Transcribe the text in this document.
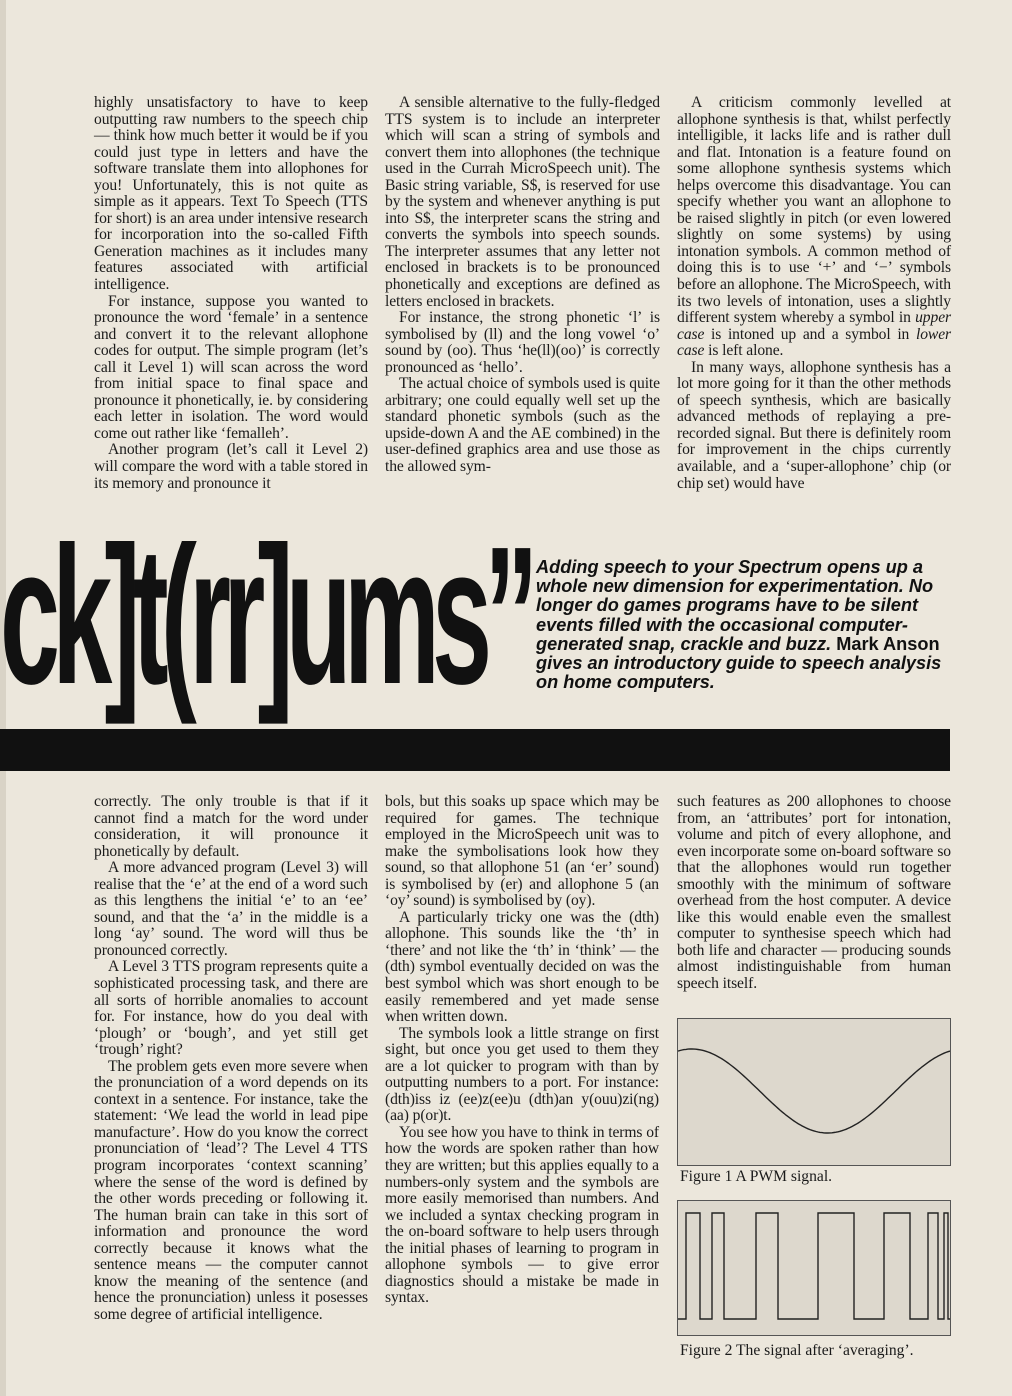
highly unsatisfactory to have to keep outputting raw numbers to the speech chip — think how much better it would be if you could just type in letters and have the software translate them into allophones for you! Unfortunately, this is not quite as simple as it appears. Text To Speech (TTS for short) is an area under intensive research for incorporation into the so-called Fifth Generation machines as it includes many features associated with artificial intelligence.

For instance, suppose you wanted to pronounce the word ‘female’ in a sentence and convert it to the relevant allophone codes for output. The simple program (let’s call it Level 1) will scan across the word from initial space to final space and pronounce it phonetically, ie. by considering each letter in isolation. The word would come out rather like ‘femalleh’.

Another program (let’s call it Level 2) will compare the word with a table stored in its memory and pronounce it

A sensible alternative to the fully-fledged TTS system is to include an interpreter which will scan a string of symbols and convert them into allophones (the technique used in the Currah MicroSpeech unit). The Basic string variable, S$, is reserved for use by the system and whenever anything is put into S$, the interpreter scans the string and converts the symbols into speech sounds. The interpreter assumes that any letter not enclosed in brackets is to be pronounced phonetically and exceptions are defined as letters enclosed in brackets.

For instance, the strong phonetic ‘l’ is symbolised by (ll) and the long vowel ‘o’ sound by (oo). Thus ‘he(ll)(oo)’ is correctly pronounced as ‘hello’.

The actual choice of symbols used is quite arbitrary; one could equally well set up the standard phonetic symbols (such as the upside-down A and the AE combined) in the user-defined graphics area and use those as the allowed sym-

A criticism commonly levelled at allophone synthesis is that, whilst perfectly intelligible, it lacks life and is rather dull and flat. Intonation is a feature found on some allophone synthesis systems which helps overcome this disadvantage. You can specify whether you want an allophone to be raised slightly in pitch (or even lowered slightly on some systems) by using intonation symbols. A common method of doing this is to use ‘+’ and ‘−’ symbols before an allophone. The MicroSpeech, with its two levels of intonation, uses a slightly different system whereby a symbol in upper case is intoned up and a symbol in lower case is left alone.

In many ways, allophone synthesis has a lot more going for it than the other methods of speech synthesis, which are basically advanced methods of replaying a pre- recorded signal. But there is definitely room for improvement in the chips currently available, and a ‘super-allophone’ chip (or chip set) would have

ck]t(rr]ums” Adding speech to your Spectrum opens up a whole new dimension for experimentation. No longer do games programs have to be silent events filled with the occasional computer-generated snap, crackle and buzz. Mark Anson gives an introductory guide to speech analysis on home computers.

correctly. The only trouble is that if it cannot find a match for the word under consideration, it will pronounce it phonetically by default.

A more advanced program (Level 3) will realise that the ‘e’ at the end of a word such as this lengthens the initial ‘e’ to an ‘ee’ sound, and that the ‘a’ in the middle is a long ‘ay’ sound. The word will thus be pronounced correctly.

A Level 3 TTS program represents quite a sophisticated processing task, and there are all sorts of horrible anomalies to account for. For instance, how do you deal with ‘plough’ or ‘bough’, and yet still get ‘trough’ right?

The problem gets even more severe when the pronunciation of a word depends on its context in a sentence. For instance, take the statement: ‘We lead the world in lead pipe manufacture’. How do you know the correct pronunciation of ‘lead’? The Level 4 TTS program incorporates ‘context scanning’ where the sense of the word is defined by the other words preceding or following it. The human brain can take in this sort of information and pronounce the word correctly because it knows what the sentence means — the computer cannot know the meaning of the sentence (and hence the pronunciation) unless it posesses some degree of artificial intelligence.

bols, but this soaks up space which may be required for games. The technique employed in the MicroSpeech unit was to make the symbolisations look how they sound, so that allophone 51 (an ‘er’ sound) is symbolised by (er) and allophone 5 (an ‘oy’ sound) is symbolised by (oy).

A particularly tricky one was the (dth) allophone. This sounds like the ‘th’ in ‘there’ and not like the ‘th’ in ‘think’ — the (dth) symbol eventually decided on was the best symbol which was short enough to be easily remembered and yet made sense when written down.

The symbols look a little strange on first sight, but once you get used to them they are a lot quicker to program with than by outputting numbers to a port. For instance: (dth)iss iz (ee)z(ee)u (dth)an y(ouu)zi(ng) (aa) p(or)t.

You see how you have to think in terms of how the words are spoken rather than how they are written; but this applies equally to a numbers-only system and the symbols are more easily memorised than numbers. And we included a syntax checking program in the on-board software to help users through the initial phases of learning to program in allophone symbols — to give error diagnostics should a mistake be made in syntax.

such features as 200 allophones to choose from, an ‘attributes’ port for intonation, volume and pitch of every allophone, and even incorporate some on-board software so that the allophones would run together smoothly with the minimum of software overhead from the host computer. A device like this would enable even the smallest computer to synthesise speech which had both life and character — producing sounds almost indistinguishable from human speech itself.

Figure 1 A PWM signal.
Figure 2 The signal after ‘averaging’.
